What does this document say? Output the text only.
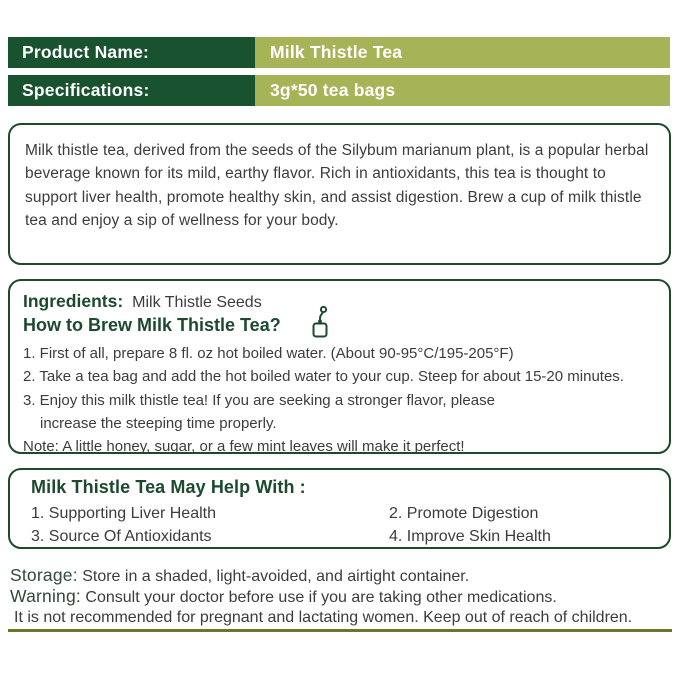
Product Name:	Milk Thistle Tea
Specifications:	3g*50 tea bags
Milk thistle tea, derived from the seeds of the Silybum marianum plant, is a popular herbal beverage known for its mild, earthy flavor. Rich in antioxidants, this tea is thought to support liver health, promote healthy skin, and assist digestion. Brew a cup of milk thistle tea and enjoy a sip of wellness for your body.
Ingredients: Milk Thistle Seeds
How to Brew Milk Thistle Tea?
1. First of all, prepare 8 fl. oz hot boiled water. (About 90-95°C/195-205°F)
2. Take a tea bag and add the hot boiled water to your cup. Steep for about 15-20 minutes.
3. Enjoy this milk thistle tea! If you are seeking a stronger flavor, please
increase the steeping time properly.
Note: A little honey, sugar, or a few mint leaves will make it perfect!
Milk Thistle Tea May Help With :
1. Supporting Liver Health	2. Promote Digestion
3. Source Of Antioxidants	4. Improve Skin Health
Storage: Store in a shaded, light-avoided, and airtight container.
Warning: Consult your doctor before use if you are taking other medications.
It is not recommended for pregnant and lactating women. Keep out of reach of children.
